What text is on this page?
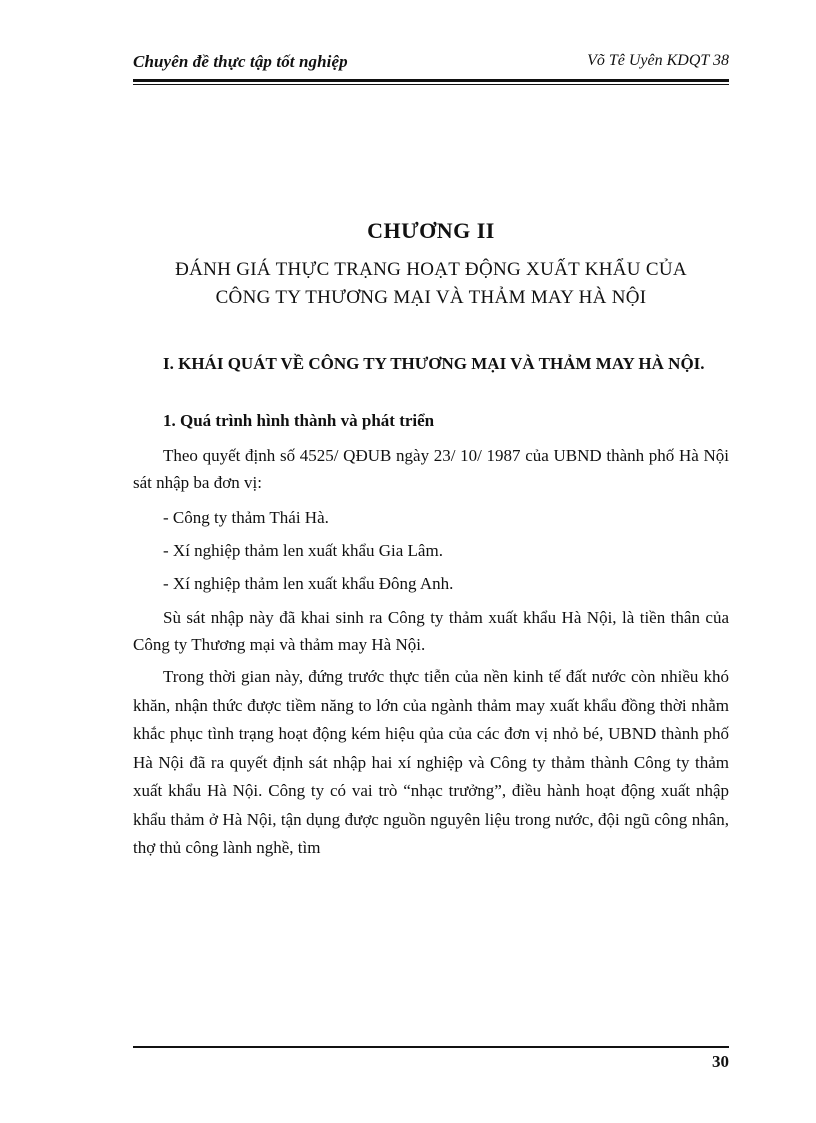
Chuyên đề thực tập tốt nghiệp	Võ Tê Uyên KDQT 38
CHƯƠNG II
ĐÁNH GIÁ THỰC TRẠNG HOẠT ĐỘNG XUẤT KHẨU CỦA
CÔNG TY THƯƠNG MẠI VÀ THẢM MAY HÀ NỘI
I. KHÁI QUÁT VỀ CÔNG TY THƯƠNG MẠI VÀ THẢM MAY HÀ NỘI.
1. Quá trình hình thành và phát triển
Theo quyết định số 4525/ QĐUB ngày 23/ 10/ 1987 của UBND thành phố Hà Nội sát nhập ba đơn vị:
- Công ty thảm Thái Hà.
- Xí nghiệp thảm len xuất khẩu Gia Lâm.
- Xí nghiệp thảm len xuất khẩu Đông Anh.
Sù sát nhập này đã khai sinh ra Công ty thảm xuất khẩu Hà Nội, là tiền thân của Công ty Thương mại và thảm may Hà Nội.
Trong thời gian này, đứng trước thực tiễn của nền kinh tế đất nước còn nhiều khó khăn, nhận thức được tiềm năng to lớn của ngành thảm may xuất khẩu đồng thời nhằm khắc phục tình trạng hoạt động kém hiệu qủa của các đơn vị nhỏ bé, UBND thành phố Hà Nội đã ra quyết định sát nhập hai xí nghiệp và Công ty thảm thành Công ty thảm xuất khẩu Hà Nội. Công ty có vai trò “nhạc trưởng”, điều hành hoạt động xuất nhập khẩu thảm ở Hà Nội, tận dụng được nguồn nguyên liệu trong nước, đội ngũ công nhân, thợ thủ công lành nghề, tìm
30
